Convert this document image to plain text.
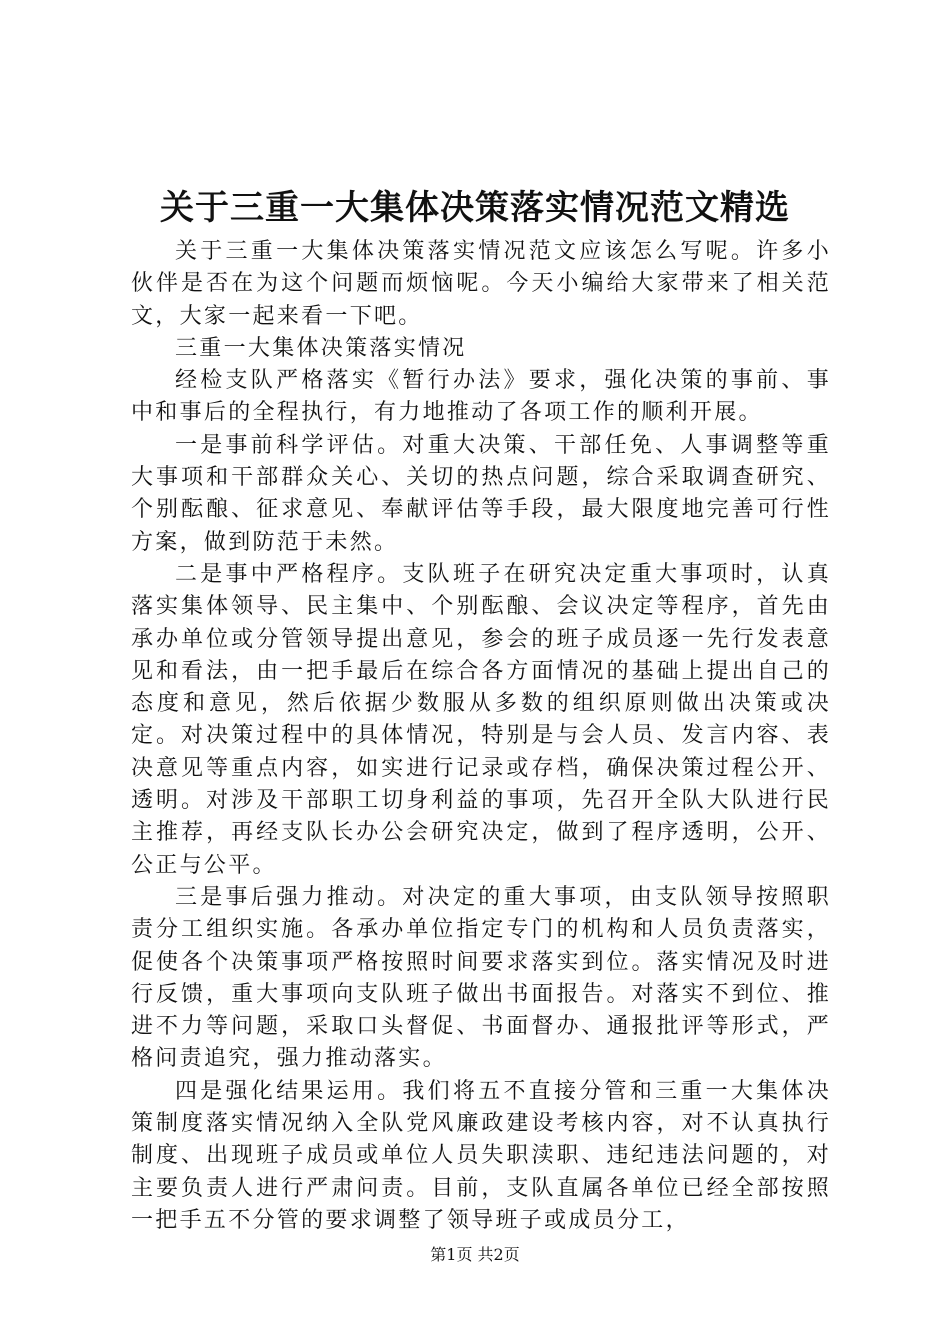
关于三重一大集体决策落实情况范文精选

关于三重一大集体决策落实情况范文应该怎么写呢。许多小伙伴是否在为这个问题而烦恼呢。今天小编给大家带来了相关范文，大家一起来看一下吧。

三重一大集体决策落实情况

经检支队严格落实《暂行办法》要求，强化决策的事前、事中和事后的全程执行，有力地推动了各项工作的顺利开展。

一是事前科学评估。对重大决策、干部任免、人事调整等重大事项和干部群众关心、关切的热点问题，综合采取调查研究、个别酝酿、征求意见、奉献评估等手段，最大限度地完善可行性方案，做到防范于未然。

二是事中严格程序。支队班子在研究决定重大事项时，认真落实集体领导、民主集中、个别酝酿、会议决定等程序，首先由承办单位或分管领导提出意见，参会的班子成员逐一先行发表意见和看法，由一把手最后在综合各方面情况的基础上提出自己的态度和意见，然后依据少数服从多数的组织原则做出决策或决定。对决策过程中的具体情况，特别是与会人员、发言内容、表决意见等重点内容，如实进行记录或存档，确保决策过程公开、透明。对涉及干部职工切身利益的事项，先召开全队大队进行民主推荐，再经支队长办公会研究决定，做到了程序透明，公开、公正与公平。

三是事后强力推动。对决定的重大事项，由支队领导按照职责分工组织实施。各承办单位指定专门的机构和人员负责落实，促使各个决策事项严格按照时间要求落实到位。落实情况及时进行反馈，重大事项向支队班子做出书面报告。对落实不到位、推进不力等问题，采取口头督促、书面督办、通报批评等形式，严格问责追究，强力推动落实。

四是强化结果运用。我们将五不直接分管和三重一大集体决策制度落实情况纳入全队党风廉政建设考核内容，对不认真执行制度、出现班子成员或单位人员失职渎职、违纪违法问题的，对主要负责人进行严肃问责。目前，支队直属各单位已经全部按照一把手五不分管的要求调整了领导班子或成员分工，

第1页 共2页
